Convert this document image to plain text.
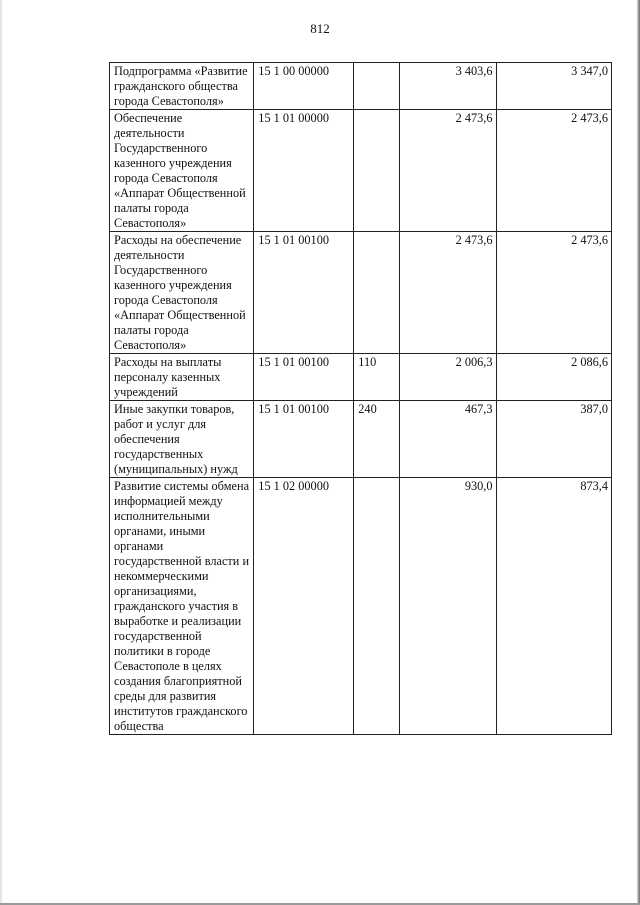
812
Подпрограмма «Развитие гражданского общества города Севастополя»	15 1 00 00000		3 403,6	3 347,0
Обеспечение деятельности Государственного казенного учреждения города Севастополя «Аппарат Общественной палаты города Севастополя»	15 1 01 00000		2 473,6	2 473,6
Расходы на обеспечение деятельности Государственного казенного учреждения города Севастополя «Аппарат Общественной палаты города Севастополя»	15 1 01 00100		2 473,6	2 473,6
Расходы на выплаты персоналу казенных учреждений	15 1 01 00100	110	2 006,3	2 086,6
Иные закупки товаров, работ и услуг для обеспечения государственных (муниципальных) нужд	15 1 01 00100	240	467,3	387,0
Развитие системы обмена информацией между исполнительными органами, иными органами государственной власти и некоммерческими организациями, гражданского участия в выработке и реализации государственной политики в городе Севастополе в целях создания благоприятной среды для развития институтов гражданского общества	15 1 02 00000		930,0	873,4
